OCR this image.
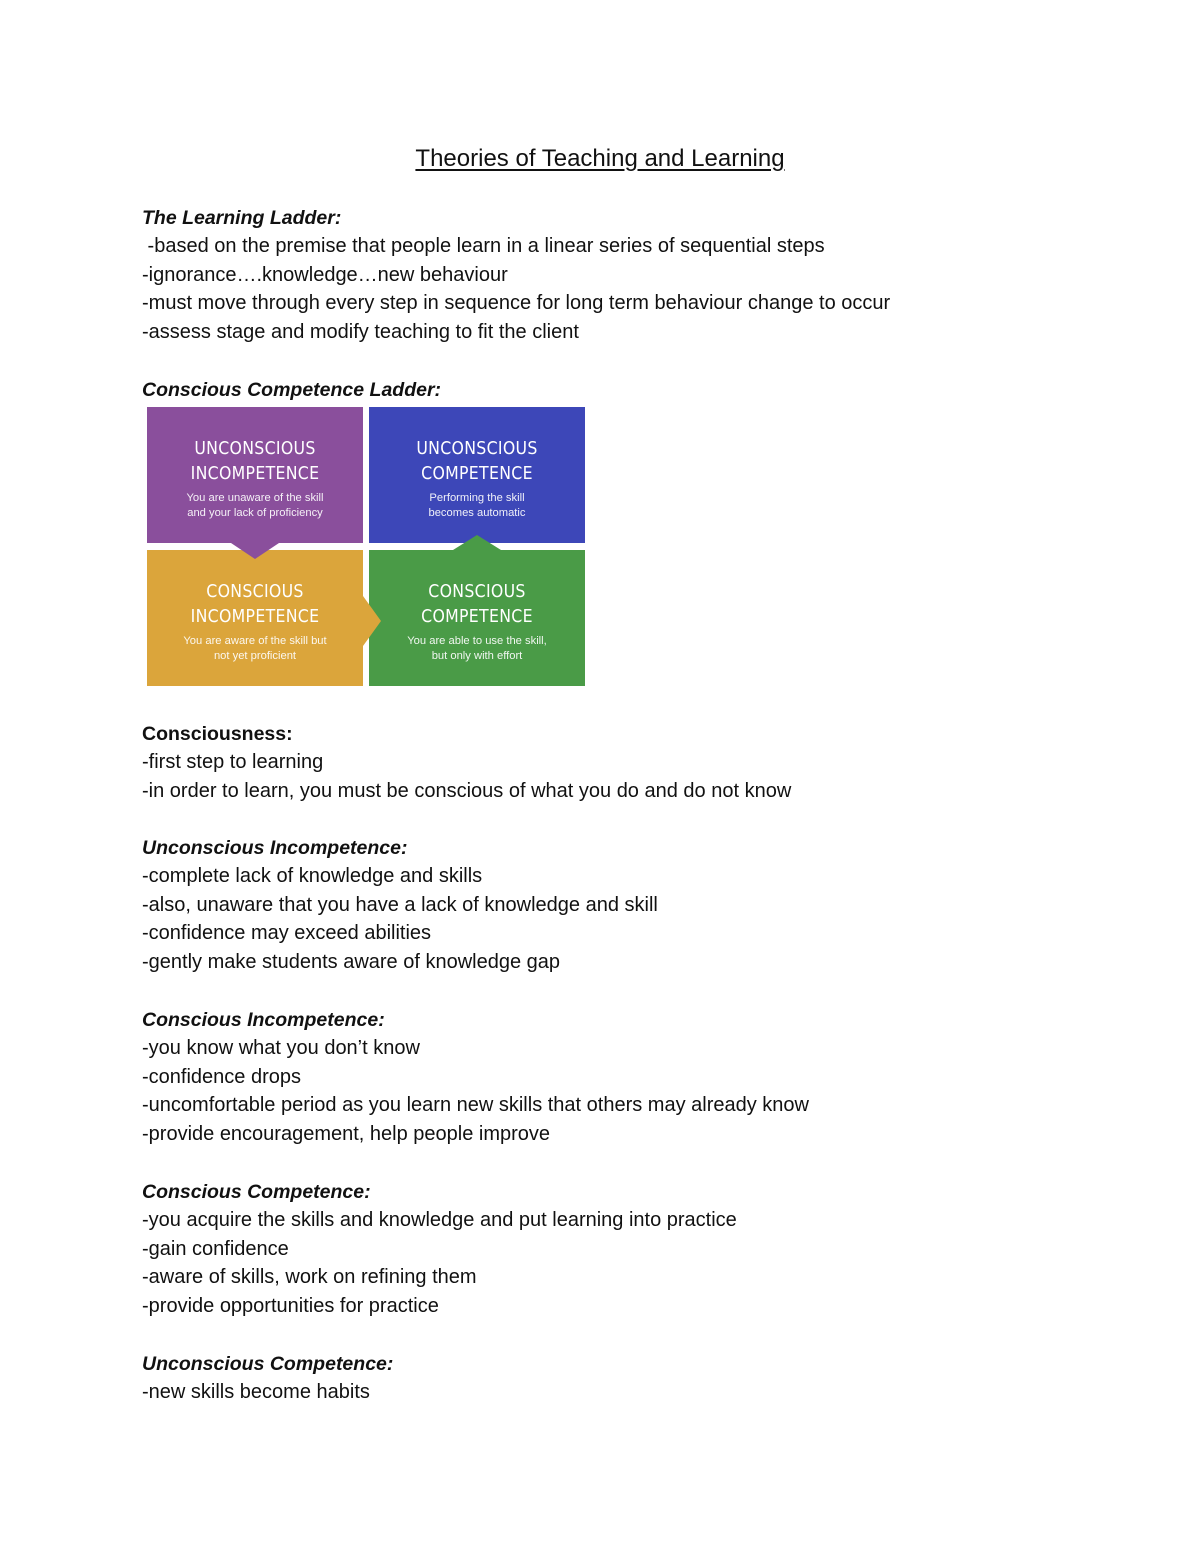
Theories of Teaching and Learning

The Learning Ladder:

-based on the premise that people learn in a linear series of sequential steps

-ignorance….knowledge…new behaviour

-must move through every step in sequence for long term behaviour change to occur

-assess stage and modify teaching to fit the client

Conscious Competence Ladder:

UNCONSCIOUS
INCOMPETENCE
You are unaware of the skill
and your lack of proficiency
UNCONSCIOUS
COMPETENCE
Performing the skill
becomes automatic
CONSCIOUS
INCOMPETENCE
You are aware of the skill but
not yet proficient
CONSCIOUS
COMPETENCE
You are able to use the skill,
but only with effort

Consciousness:

-first step to learning

-in order to learn, you must be conscious of what you do and do not know

Unconscious Incompetence:

-complete lack of knowledge and skills

-also, unaware that you have a lack of knowledge and skill

-confidence may exceed abilities

-gently make students aware of knowledge gap

Conscious Incompetence:

-you know what you don’t know

-confidence drops

-uncomfortable period as you learn new skills that others may already know

-provide encouragement, help people improve

Conscious Competence:

-you acquire the skills and knowledge and put learning into practice

-gain confidence

-aware of skills, work on refining them

-provide opportunities for practice

Unconscious Competence:

-new skills become habits
